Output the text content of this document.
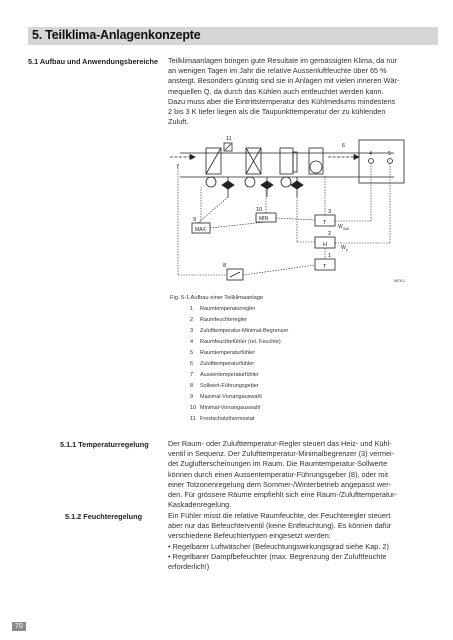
5. Teilklima-Anlagenkonzepte
5.1 Aufbau und Anwendungsbereiche Teilklimaanlagen bringen gute Resultate im gemässigten Klima, da nur
an wenigen Tagen im Jahr die relative Aussenluftfeuchte über 65 %
ansteigt. Besonders günstig sind sie in Anlagen mit vielen inneren Wär-
mequellen Q, da durch das Kühlen auch entfeuchtet werden kann.
Dazu muss aber die Eintrittstemperatur des Kühlmediums mindestens
2 bis 3 K tiefer liegen als die Taupunkttemperatur der zu kühlenden
Zuluft.
11
6
4	5
7
9
MAX
10
MIN
3
T
2
H
1
T
8
W Soll
W p
5079-1
Fig. 5-1 Aufbau einer Teilklimaanlage
1 Raumtemperaturregler
2 Raumfeuchteregler
3 Zulufttemperatur-Minimal-Begrenzer
4 Raumfeuchtefühler (rel. Feuchte)
5 Raumtemperaturfühler
6 Zulufttemperaturfühler
7 Aussentemperaturfühler
8 Sollwert-Führungsgeber
9 Maximal-Vorrangauswahl
10 Minimal-Vorrangauswahl
11 Frostschutzthermostat
5.1.1 Temperaturregelung	Der Raum- oder Zulufttemperatur-Regler steuert das Heiz- und Kühl-
ventil in Sequenz. Der Zulufttemperatur-Minimalbegrenzer (3) vermei-
det Zuglufterscheinungen im Raum. Die Raumtemperatur-Sollwerte
können durch einen Aussentemperatur-Führungsgeber (8), oder mit
einer Totzonenregelung dem Sommer-/Winterbetrieb angepasst wer-
den. Für grössere Räume empfiehlt sich eine Raum-/Zulufttemperatur-
Kaskadenregelung.
5.1.2 Feuchteregelung	Ein Fühler misst die relative Raumfeuchte, der Feuchteregler steuert
aber nur das Befeuchterventil (keine Entfeuchtung). Es können dafür
verschiedene Befeuchtertypen eingesetzt werden:
• Regelbarer Luftwäscher (Befeuchtungswirkungsgrad siehe Kap. 2)
• Regelbarer Dampfbefeuchter (max. Begrenzung der Zuluftfeuchte
erforderlich!)
70
